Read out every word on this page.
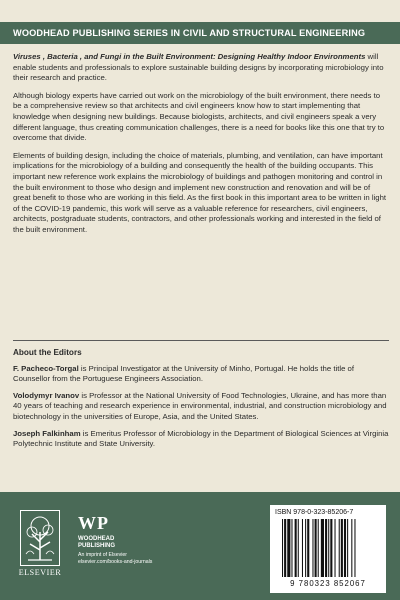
WOODHEAD PUBLISHING SERIES IN CIVIL AND STRUCTURAL ENGINEERING

Viruses , Bacteria , and Fungi in the Built Environment: Designing Healthy Indoor Environments will enable students and professionals to explore sustainable building designs by incorporating microbiology into their research and practice.

Although biology experts have carried out work on the microbiology of the built environment, there needs to be a comprehensive review so that architects and civil engineers know how to start implementing that knowledge when designing new buildings. Because biologists, architects, and civil engineers speak a very different language, thus creating communication challenges, there is a need for books like this one that try to overcome that divide.

Elements of building design, including the choice of materials, plumbing, and ventilation, can have important implications for the microbiology of a building and consequently the health of the building occupants. This important new reference work explains the microbiology of buildings and pathogen monitoring and control in the built environment to those who design and implement new construction and renovation and will be of great benefit to those who are working in this field. As the first book in this important area to be written in light of the COVID-19 pandemic, this work will serve as a valuable reference for researchers, civil engineers, architects, postgraduate students, contractors, and other professionals working and interested in the field of the built environment.

About the Editors

F. Pacheco-Torgal is Principal Investigator at the University of Minho, Portugal. He holds the title of Counsellor from the Portuguese Engineers Association.

Volodymyr Ivanov is Professor at the National University of Food Technologies, Ukraine, and has more than 40 years of teaching and research experience in environmental, industrial, and construction microbiology and biotechnology in the universities of Europe, Asia, and the United States.

Joseph Falkinham is Emeritus Professor of Microbiology in the Department of Biological Sciences at Virginia Polytechnic Institute and State University.

ELSEVIER
WP
WOODHEAD
PUBLISHING
An imprint of Elsevier
elsevier.com/books-and-journals
ISBN 978-0-323-85206-7
9 780323 852067
